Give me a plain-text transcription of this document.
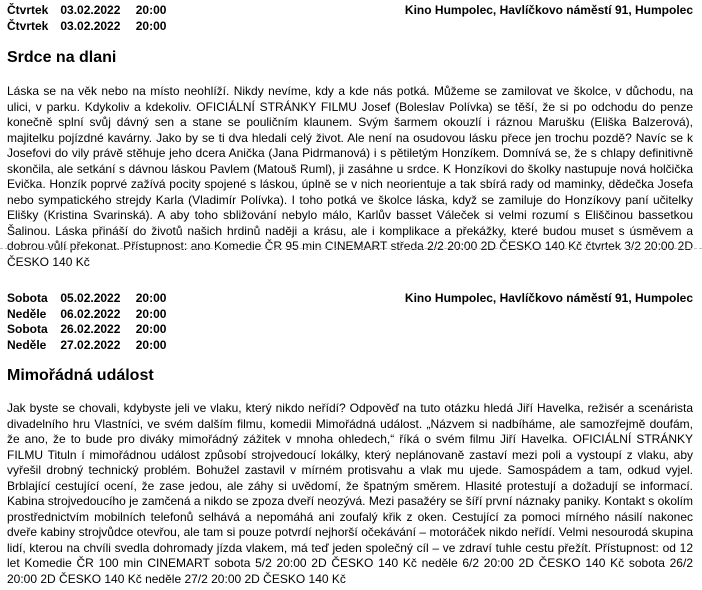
Čtvrtek 03.02.2022 20:00
Čtvrtek 03.02.2022 20:00
Kino Humpolec, Havlíčkovo náměstí 91, Humpolec
Srdce na dlani

Láska se na věk nebo na místo neohlíží. Nikdy nevíme, kdy a kde nás potká. Můžeme se zamilovat ve školce, v důchodu, na ulici, v parku. Kdykoliv a kdekoliv. OFICIÁLNÍ STRÁNKY FILMU Josef (Boleslav Polívka) se těší, že si po odchodu do penze konečně splní svůj dávný sen a stane se pouličním klaunem. Svým šarmem okouzlí i ráznou Marušku (Eliška Balzerová), majitelku pojízdné kavárny. Jako by se ti dva hledali celý život. Ale není na osudovou lásku přece jen trochu pozdě? Navíc se k Josefovi do vily právě stěhuje jeho dcera Anička (Jana Pidrmanová) i s pětiletým Honzíkem. Domnívá se, že s chlapy definitivně skončila, ale setkání s dávnou láskou Pavlem (Matouš Ruml), ji zasáhne u srdce. K Honzíkovi do školky nastupuje nová holčička Evička. Honzík poprvé zažívá pocity spojené s láskou, úplně se v nich neorientuje a tak sbírá rady od maminky, dědečka Josefa nebo sympatického strejdy Karla (Vladimír Polívka). I toho potká ve školce láska, když se zamiluje do Honzíkovy paní učitelky Elišky (Kristina Svarinská). A aby toho sbližování nebylo málo, Karlův basset Váleček si velmi rozumí s Eliščinou bassetkou Šalinou. Láska přináší do životů našich hrdinů naději a krásu, ale i komplikace a překážky, které budou muset s úsměvem a dobrou vůlí překonat. Přístupnost: ano Komedie ČR 95 min CINEMART středa 2/2 20:00 2D ČESKO 140 Kč čtvrtek 3/2 20:00 2D ČESKO 140 Kč

Sobota 05.02.2022 20:00
Neděle 06.02.2022 20:00
Sobota 26.02.2022 20:00
Neděle 27.02.2022 20:00
Kino Humpolec, Havlíčkovo náměstí 91, Humpolec
Mimořádná událost

Jak byste se chovali, kdybyste jeli ve vlaku, který nikdo neřídí? Odpověď na tuto otázku hledá Jiří Havelka, režisér a scenárista divadelního hru Vlastníci, ve svém dalším filmu, komedii Mimořádná událost. „Názvem si nadbíháme, ale samozřejmě doufám, že ano, že to bude pro diváky mimořádný zážitek v mnoha ohledech,“ říká o svém filmu Jiří Havelka. OFICIÁLNÍ STRÁNKY FILMU Tituln í mimořádnou událost způsobí strojvedoucí lokálky, který neplánovaně zastaví mezi poli a vystoupí z vlaku, aby vyřešil drobný technický problém. Bohužel zastavil v mírném protisvahu a vlak mu ujede. Samospádem a tam, odkud vyjel. Brblající cestující ocení, že zase jedou, ale záhy si uvědomí, že špatným směrem. Hlasité protestují a dožadují se informací. Kabina strojvedoucího je zamčená a nikdo se zpoza dveří neozývá. Mezi pasažéry se šíří první náznaky paniky. Kontakt s okolím prostřednictvím mobilních telefonů selhává a nepomáhá ani zoufalý křik z oken. Cestující za pomoci mírného násilí nakonec dveře kabiny strojvůdce otevřou, ale tam si pouze potvrdí nejhorší očekávání – motoráček nikdo neřídí. Velmi nesourodá skupina lidí, kterou na chvíli svedla dohromady jízda vlakem, má teď jeden společný cíl – ve zdraví tuhle cestu přežít. Přístupnost: od 12 let Komedie ČR 100 min CINEMART sobota 5/2 20:00 2D ČESKO 140 Kč neděle 6/2 20:00 2D ČESKO 140 Kč sobota 26/2 20:00 2D ČESKO 140 Kč neděle 27/2 20:00 2D ČESKO 140 Kč
